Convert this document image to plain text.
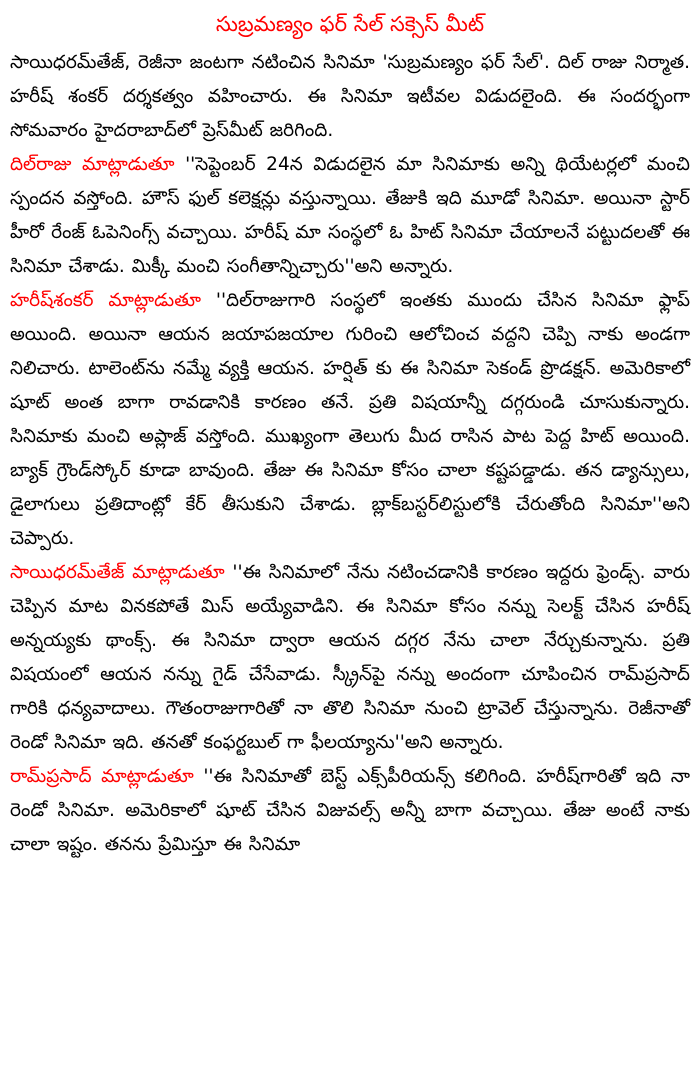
సుబ్రమణ్యం ఫర్ సేల్ సక్సెస్ మీట్

సాయిధరమ్‌తేజ్, రెజీనా జంటగా నటించిన సినిమా 'సుబ్రమణ్యం ఫర్ సేల్'. దిల్ రాజు నిర్మాత. హరీష్ శంకర్ దర్శకత్వం వహించారు. ఈ సినిమా ఇటీవల విడుదలైంది. ఈ సందర్భంగా సోమవారం హైదరాబాద్‌లో ప్రెస్‌మీట్ జరిగింది.

దిల్‌రాజు మాట్లాడుతూ ''సెప్టెంబర్ 24న విడుదలైన మా సినిమాకు అన్ని థియేటర్లలో మంచి స్పందన వస్తోంది. హౌస్ ఫుల్ కలెక్షన్లు వస్తున్నాయి. తేజుకి ఇది మూడో సినిమా. అయినా స్టార్ హీరో రేంజ్ ఓపెనింగ్స్ వచ్చాయి. హరీష్ మా సంస్థలో ఓ హిట్ సినిమా చేయాలనే పట్టుదలతో ఈ సినిమా చేశాడు. మిక్కీ మంచి సంగీతాన్నిచ్చారు''అని అన్నారు.

హరీష్‌శంకర్ మాట్లాడుతూ ''దిల్‌రాజుగారి సంస్థలో ఇంతకు ముందు చేసిన సినిమా ఫ్లాప్ అయింది. అయినా ఆయన జయాపజయాల గురించి ఆలోచించ వద్దని చెప్పి నాకు అండగా నిలిచారు. టాలెంట్‌ను నమ్మే వ్యక్తి ఆయన. హర్షిత్ కు ఈ సినిమా సెకండ్ ప్రొడక్షన్. అమెరికాలో షూట్ అంత బాగా రావడానికి కారణం తనే. ప్రతి విషయాన్నీ దగ్గరుండి చూసుకున్నారు. సినిమాకు మంచి అప్లాజ్ వస్తోంది. ముఖ్యంగా తెలుగు మీద రాసిన పాట పెద్ద హిట్ అయింది. బ్యాక్ గ్రౌండ్‌స్కోర్ కూడా బావుంది. తేజు ఈ సినిమా కోసం చాలా కష్టపడ్డాడు. తన డ్యాన్సులు, డైలాగులు ప్రతిదాంట్లో కేర్ తీసుకుని చేశాడు. బ్లాక్‌బస్టర్‌లిస్టులోకి చేరుతోంది సినిమా''అని చెప్పారు.

సాయిధరమ్‌తేజ్ మాట్లాడుతూ ''ఈ సినిమాలో నేను నటించడానికి కారణం ఇద్దరు ఫ్రెండ్స్. వారు చెప్పిన మాట వినకపోతే మిస్ అయ్యేవాడిని. ఈ సినిమా కోసం నన్ను సెలక్ట్ చేసిన హరీష్ అన్నయ్యకు థాంక్స్. ఈ సినిమా ద్వారా ఆయన దగ్గర నేను చాలా నేర్చుకున్నాను. ప్రతి విషయంలో ఆయన నన్ను గైడ్ చేసేవాడు. స్క్రీన్‌పై నన్ను అందంగా చూపించిన రామ్‌ప్రసాద్ గారికి ధన్యవాదాలు. గౌతంరాజుగారితో నా తొలి సినిమా నుంచి ట్రావెల్ చేస్తున్నాను. రెజీనాతో రెండో సినిమా ఇది. తనతో కంఫర్టబుల్ గా ఫీలయ్యాను''అని అన్నారు.

రామ్‌ప్రసాద్ మాట్లాడుతూ ''ఈ సినిమాతో బెస్ట్ ఎక్స్‌పీరియన్స్ కలిగింది. హరీష్‌గారితో ఇది నా రెండో సినిమా. అమెరికాలో షూట్ చేసిన విజువల్స్ అన్నీ బాగా వచ్చాయి. తేజు అంటే నాకు చాలా ఇష్టం. తనను ప్రేమిస్తూ ఈ సినిమా
